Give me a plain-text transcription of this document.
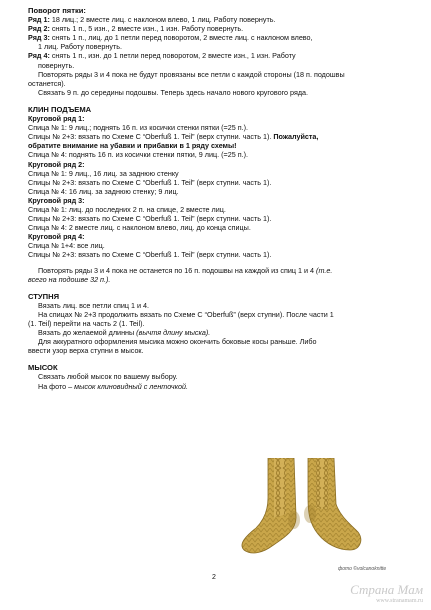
Поворот пятки:

Ряд 1: 18 лиц.; 2 вместе лиц. с наклоном влево, 1 лиц. Работу повернуть.

Ряд 2: снять 1 п., 5 изн., 2 вместе изн., 1 изн. Работу повернуть.

Ряд 3: снять 1 п., лиц. до 1 петли перед поворотом, 2 вместе лиц. с наклоном влево,

1 лиц. Работу повернуть.

Ряд 4: снять 1 п., изн. до 1 петли перед поворотом, 2 вместе изн., 1 изн. Работу

повернуть.

Повторять ряды 3 и 4 пока не будут провязаны все петли с каждой стороны (18 п. подошвы

останется).

Связать 9 п. до середины подошвы. Теперь здесь начало нового кругового ряда.

КЛИН ПОДЪЕМА

Круговой ряд 1:

Спица № 1: 9 лиц.; поднять 16 п. из косички стенки пятки (=25 п.).

Спицы № 2+3: вязать по Схеме С “Oberfuß 1. Teil” (верх ступни. часть 1). Пожалуйста,

обратите внимание на убавки и прибавки в 1 ряду схемы!

Спица № 4: поднять 16 п. из косички стенки пятки, 9 лиц. (=25 п.).

Круговой ряд 2:

Спица № 1: 9 лиц., 16 лиц. за заднюю стенку

Спицы № 2+3: вязать по Схеме С “Oberfuß 1. Teil” (верх ступни. часть 1).

Спица № 4: 16 лиц. за заднюю стенку; 9 лиц.

Круговой ряд 3:

Спица № 1: лиц. до последних 2 п. на спице, 2 вместе лиц.

Спицы № 2+3: вязать по Схеме С “Oberfuß 1. Teil” (верх ступни. часть 1).

Спица № 4: 2 вместе лиц. с наклоном влево, лиц. до конца спицы.

Круговой ряд 4:

Спица № 1+4: все лиц.

Спицы № 2+3: вязать по Схеме С “Oberfuß 1. Teil” (верх ступни. часть 1).

Повторять ряды 3 и 4 пока не останется по 16 п. подошвы на каждой из спиц 1 и 4 (т.е.

всего на подошве 32 п.).

СТУПНЯ

Вязать лиц. все петли спиц 1 и 4.

На спицах № 2+3 продолжить вязать по Схеме С “Oberfuß” (верх ступни). После части 1

(1. Teil) перейти на часть 2 (1. Teil).

Вязать до желаемой длинны (вычтя длину мыска).

Для аккуратного оформления мысика можно окончить боковые косы раньше. Либо

ввести узор верха ступни в мысок.

МЫСОК

Связать любой мысок по вашему выбору.

На фото – мысок клиновидный с ленточкой.

фото ©volcanoknitte
2
Страна Мам
www.stranamam.ru
